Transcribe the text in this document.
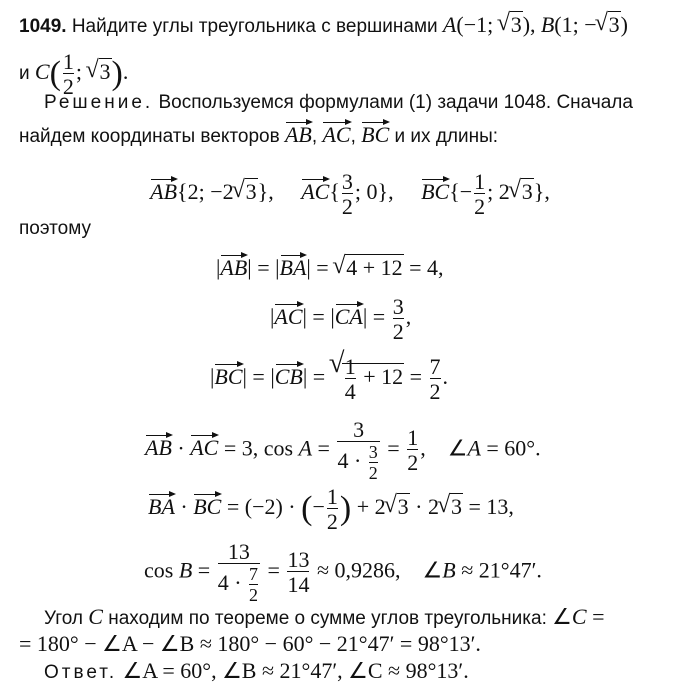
1049. Найдите углы треугольника с вершинами A(−1; √ 3), B(1; − √ 3)
и $C( \frac{1}{2}$ ; √ 3).
Решение. Воспользуемся формулами (1) задачи 1048. Сначала
найдем координаты векторов AB, AC, BC и их длины:
AB{2; −2 √ 3},     $AC\{ \frac{3}{2}$ ; 0},     $BC\{- \frac{1}{2}$ ; 2 √ 3},
поэтому
|AB| = |BA| = √ 4 + 12 = 4,
$|AC| = |CA| = \frac{3}{2}$ ,
|BC| = |CB| = √ $\frac{1}{4} + 12 = \frac{7}{2}$ .
AB · AC = 3, $\cos A = \frac{3}{4 \cdot \frac{3}{2}} = \frac{1}{2}$ ,    ∠A = 60°.
BA · BC = (−2) · (− $\frac{1}{2}$ ) + 2 √ 3 · 2 √ 3 = 13,
$\cos B = \frac{13}{4 \cdot \frac{7}{2}} = \frac{13}{14} \approx 0,9286$,    ∠B ≈ 21°47′.
Угол C находим по теореме о сумме углов треугольника: ∠C =
= 180° − ∠A − ∠B ≈ 180° − 60° − 21°47′ = 98°13′.
Ответ. ∠A = 60°, ∠B ≈ 21°47′, ∠C ≈ 98°13′.
